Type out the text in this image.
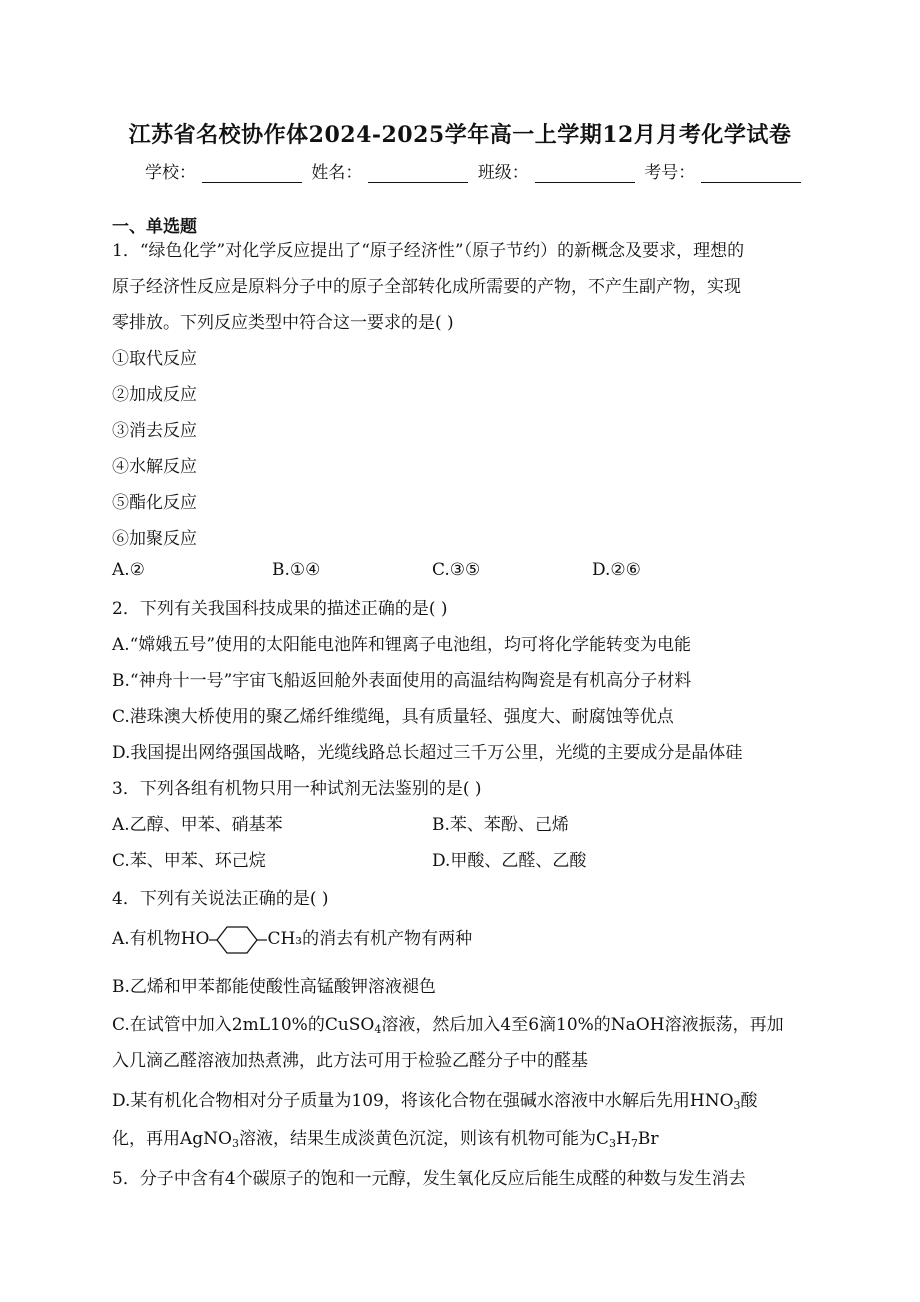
江苏省名校协作体2024-2025学年高一上学期12月月考化学试卷
学校：	姓名：	班级：	考号：
一、单选题
1．“绿色化学”对化学反应提出了“原子经济性”（原子节约）的新概念及要求，理想的
原子经济性反应是原料分子中的原子全部转化成所需要的产物，不产生副产物，实现
零排放。下列反应类型中符合这一要求的是( )
①取代反应
②加成反应
③消去反应
④水解反应
⑤酯化反应
⑥加聚反应
A.②	B.①④	C.③⑤	D.②⑥
2．下列有关我国科技成果的描述正确的是( )
A.“嫦娥五号”使用的太阳能电池阵和锂离子电池组，均可将化学能转变为电能
B.“神舟十一号”宇宙飞船返回舱外表面使用的高温结构陶瓷是有机高分子材料
C.港珠澳大桥使用的聚乙烯纤维缆绳，具有质量轻、强度大、耐腐蚀等优点
D.我国提出网络强国战略，光缆线路总长超过三千万公里，光缆的主要成分是晶体硅
3．下列各组有机物只用一种试剂无法鉴别的是( )
A.乙醇、甲苯、硝基苯	B.苯、苯酚、己烯
C.苯、甲苯、环己烷	D.甲酸、乙醛、乙酸
4．下列有关说法正确的是( )
A.有机物HO	CH₃的消去有机产物有两种
B.乙烯和甲苯都能使酸性高锰酸钾溶液褪色
C.在试管中加入2mL10%的CuSO$_4$溶液，然后加入4至6滴10%的NaOH溶液振荡，再加
入几滴乙醛溶液加热煮沸，此方法可用于检验乙醛分子中的醛基
D.某有机化合物相对分子质量为109，将该化合物在强碱水溶液中水解后先用$HNO_3$酸
化，再用AgNO$_3$溶液，结果生成淡黄色沉淀，则该有机物可能为$C_3H_7Br$
5．分子中含有4个碳原子的饱和一元醇，发生氧化反应后能生成醛的种数与发生消去
